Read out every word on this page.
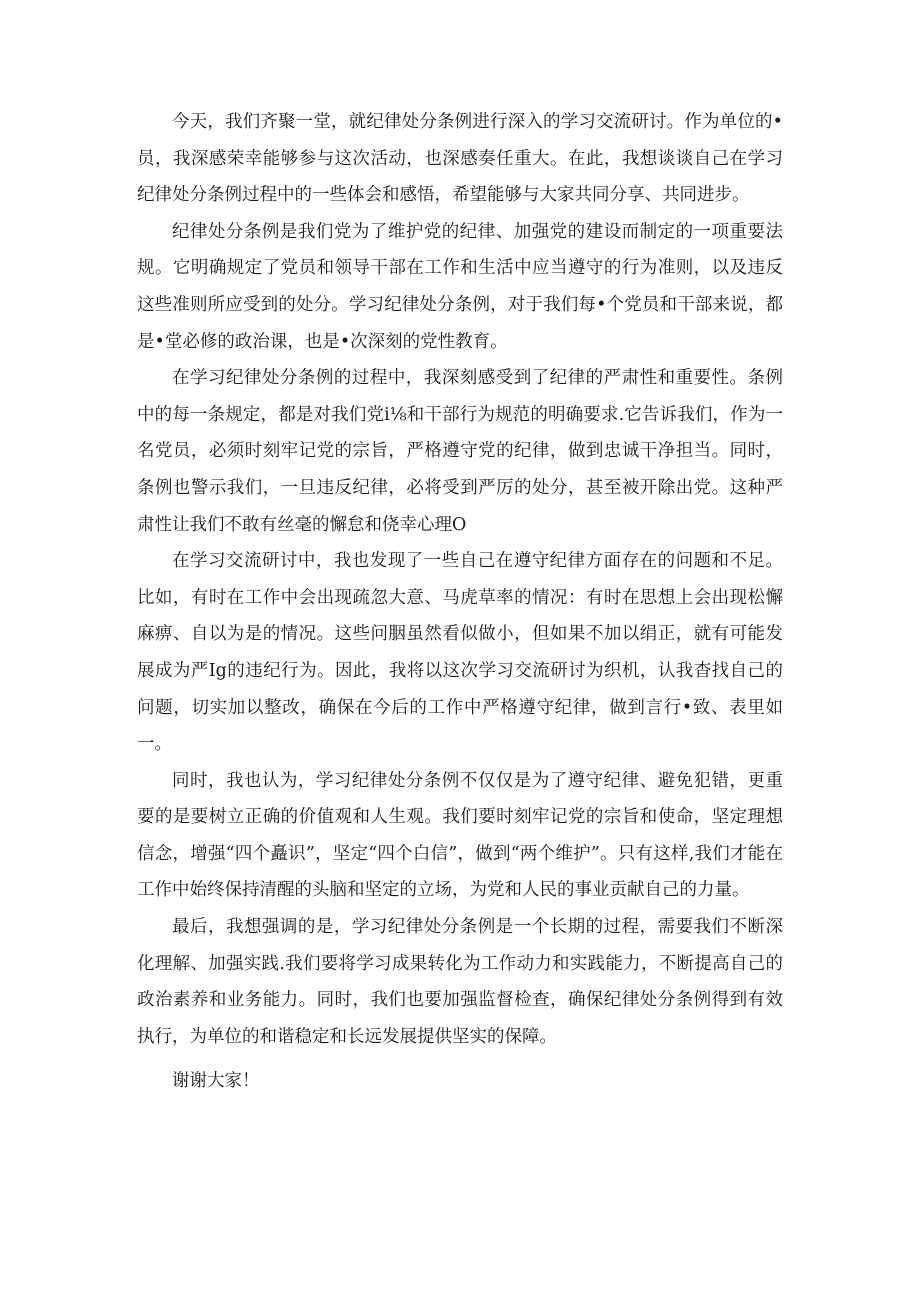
今天，我们齐聚一堂，就纪律处分条例进行深入的学习交流研讨。作为单位的•员，我深感荣幸能够参与这次活动，也深感奏任重大。在此，我想谈谈自己在学习纪律处分条例过程中的一些体会和感悟，希望能够与大家共同分享、共同进步。

纪律处分条例是我们党为了维护党的纪律、加强党的建设而制定的一项重要法规。它明确规定了党员和领导干部在工作和生活中应当遵守的行为准则，以及违反这些准则所应受到的处分。学习纪律处分条例，对于我们每•个党员和干部来说，都是•堂必修的政治课，也是•次深刻的党性教育。

在学习纪律处分条例的过程中，我深刻感受到了纪律的严肃性和重要性。条例中的每一条规定，都是对我们党i⅛和干部行为规范的明确要求.它告诉我们，作为一名党员，必须时刻牢记党的宗旨，严格遵守党的纪律，做到忠诚干净担当。同时，条例也警示我们，一旦违反纪律，必将受到严厉的处分，甚至被开除出党。这种严肃性让我们不敢有丝毫的懈怠和侥幸心理O

在学习交流研讨中，我也发现了一些自己在遵守纪律方面存在的问题和不足。比如，有时在工作中会出现疏忽大意、马虎草率的情况：有时在思想上会出现松懈麻痹、自以为是的情况。这些问胭虽然看似做小，但如果不加以绢正，就有可能发展成为严Ig的违纪行为。因此，我将以这次学习交流研讨为织机，认我杳找自己的问题，切实加以整改，确保在今后的工作中严格遵守纪律，做到言行•致、表里如一。

同时，我也认为，学习纪律处分条例不仅仅是为了遵守纪律、避免犯错，更重要的是要树立正确的价值观和人生观。我们要时刻牢记党的宗旨和使命，坚定理想信念，增强“四个矗识”，坚定“四个白信”，做到“两个维护”。只有这样,我们才能在工作中始终保持清醒的头脑和坚定的立场，为党和人民的事业贡献自己的力量。

最后，我想强调的是，学习纪律处分条例是一个长期的过程，需要我们不断深化理解、加强实践.我们要将学习成果转化为工作动力和实践能力，不断提高自己的政治素养和业务能力。同时，我们也要加强监督检查，确保纪律处分条例得到有效执行，为单位的和谐稳定和长远发展提供坚实的保障。

谢谢大家！
